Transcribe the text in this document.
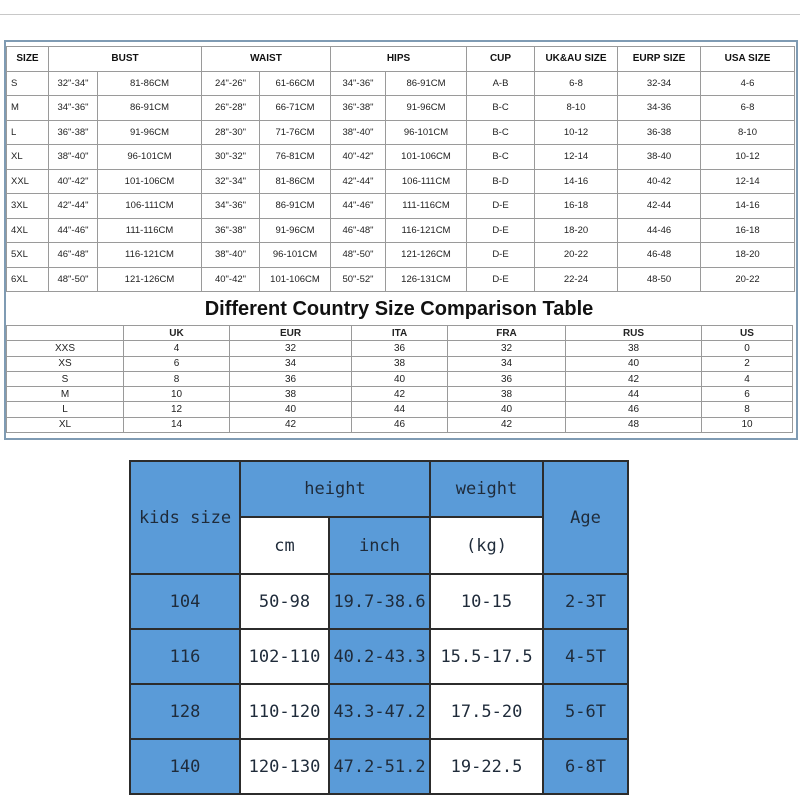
SIZE	BUST		WAIST		HIPS		CUP	UK&AU SIZE	EURP SIZE	USA SIZE
S	32"-34"	81-86CM	24"-26"	61-66CM	34"-36"	86-91CM	A-B	6-8	32-34	4-6
M	34"-36"	86-91CM	26"-28"	66-71CM	36"-38"	91-96CM	B-C	8-10	34-36	6-8
L	36"-38"	91-96CM	28"-30"	71-76CM	38"-40"	96-101CM	B-C	10-12	36-38	8-10
XL	38"-40"	96-101CM	30"-32"	76-81CM	40"-42"	101-106CM	B-C	12-14	38-40	10-12
XXL	40"-42"	101-106CM	32"-34"	81-86CM	42"-44"	106-111CM	B-D	14-16	40-42	12-14
3XL	42"-44"	106-111CM	34"-36"	86-91CM	44"-46"	111-116CM	D-E	16-18	42-44	14-16
4XL	44"-46"	111-116CM	36"-38"	91-96CM	46"-48"	116-121CM	D-E	18-20	44-46	16-18
5XL	46"-48"	116-121CM	38"-40"	96-101CM	48"-50"	121-126CM	D-E	20-22	46-48	18-20
6XL	48"-50"	121-126CM	40"-42"	101-106CM	50"-52"	126-131CM	D-E	22-24	48-50	20-22
Different Country Size Comparison Table
	UK	EUR	ITA	FRA	RUS	US
XXS	4	32	36	32	38	0
XS	6	34	38	34	40	2
S	8	36	40	36	42	4
M	10	38	42	38	44	6
L	12	40	44	40	46	8
XL	14	42	46	42	48	10
kids size	height		weight	Age
	cm	inch	(kg)	
104	50-98	19.7-38.6	10-15	2-3T
116	102-110	40.2-43.3	15.5-17.5	4-5T
128	110-120	43.3-47.2	17.5-20	5-6T
140	120-130	47.2-51.2	19-22.5	6-8T
